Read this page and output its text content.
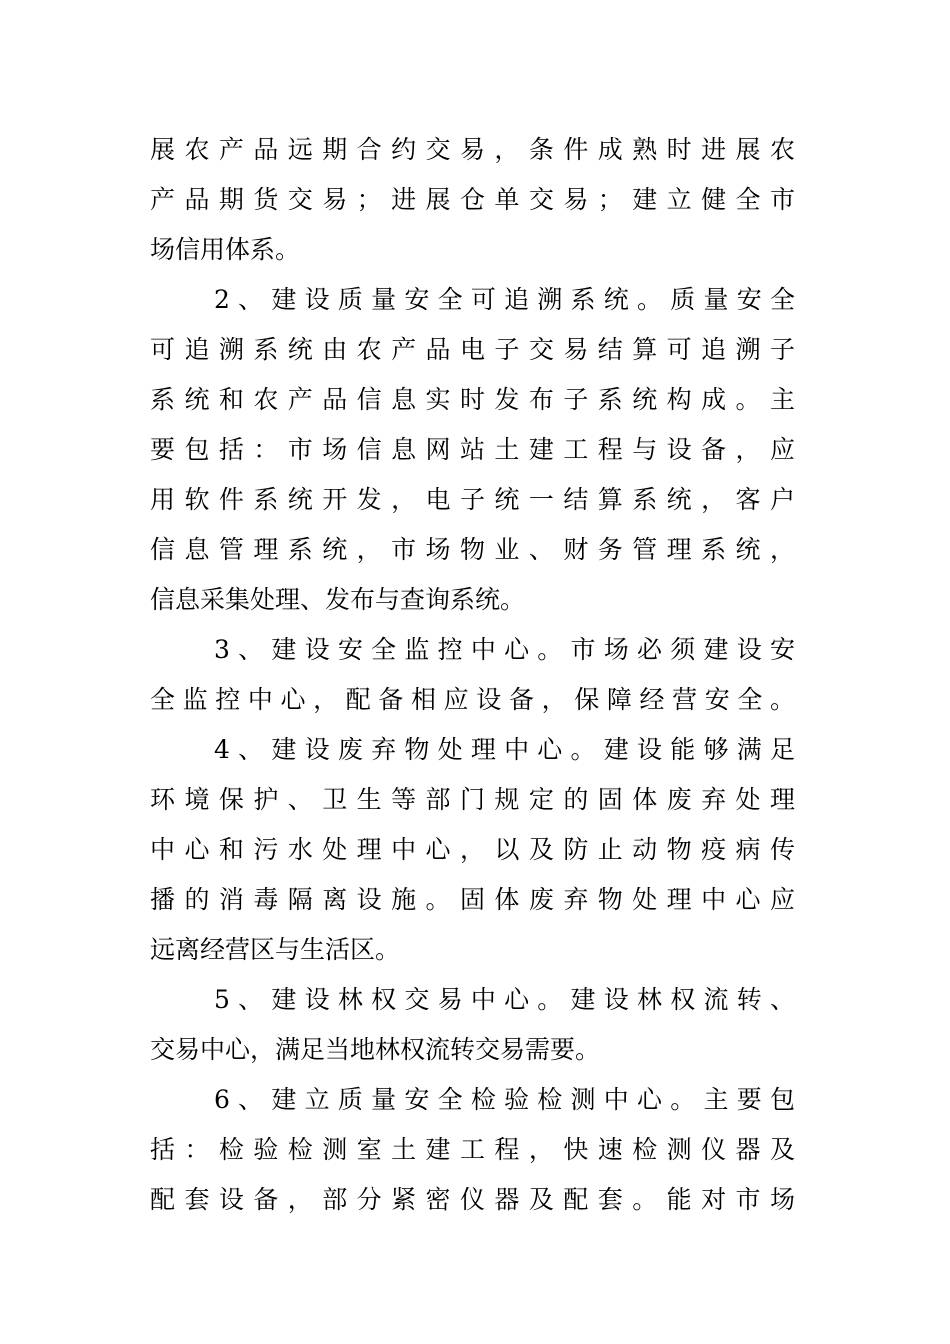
展农产品远期合约交易，条件成熟时进展农
产品期货交易；进展仓单交易；建立健全市
场信用体系。
2、建设质量安全可追溯系统。质量安全
可追溯系统由农产品电子交易结算可追溯子
系统和农产品信息实时发布子系统构成。主
要包括：市场信息网站土建工程与设备，应
用软件系统开发，电子统一结算系统，客户
信息管理系统，市场物业、财务管理系统，
信息采集处理、发布与查询系统。
3、建设安全监控中心。市场必须建设安
全监控中心，配备相应设备，保障经营安全。
4、建设废弃物处理中心。建设能够满足
环境保护、卫生等部门规定的固体废弃处理
中心和污水处理中心，以及防止动物疫病传
播的消毒隔离设施。固体废弃物处理中心应
远离经营区与生活区。
5、建设林权交易中心。建设林权流转、
交易中心，满足当地林权流转交易需要。
6、建立质量安全检验检测中心。主要包
括：检验检测室土建工程，快速检测仪器及
配套设备，部分紧密仪器及配套。能对市场
